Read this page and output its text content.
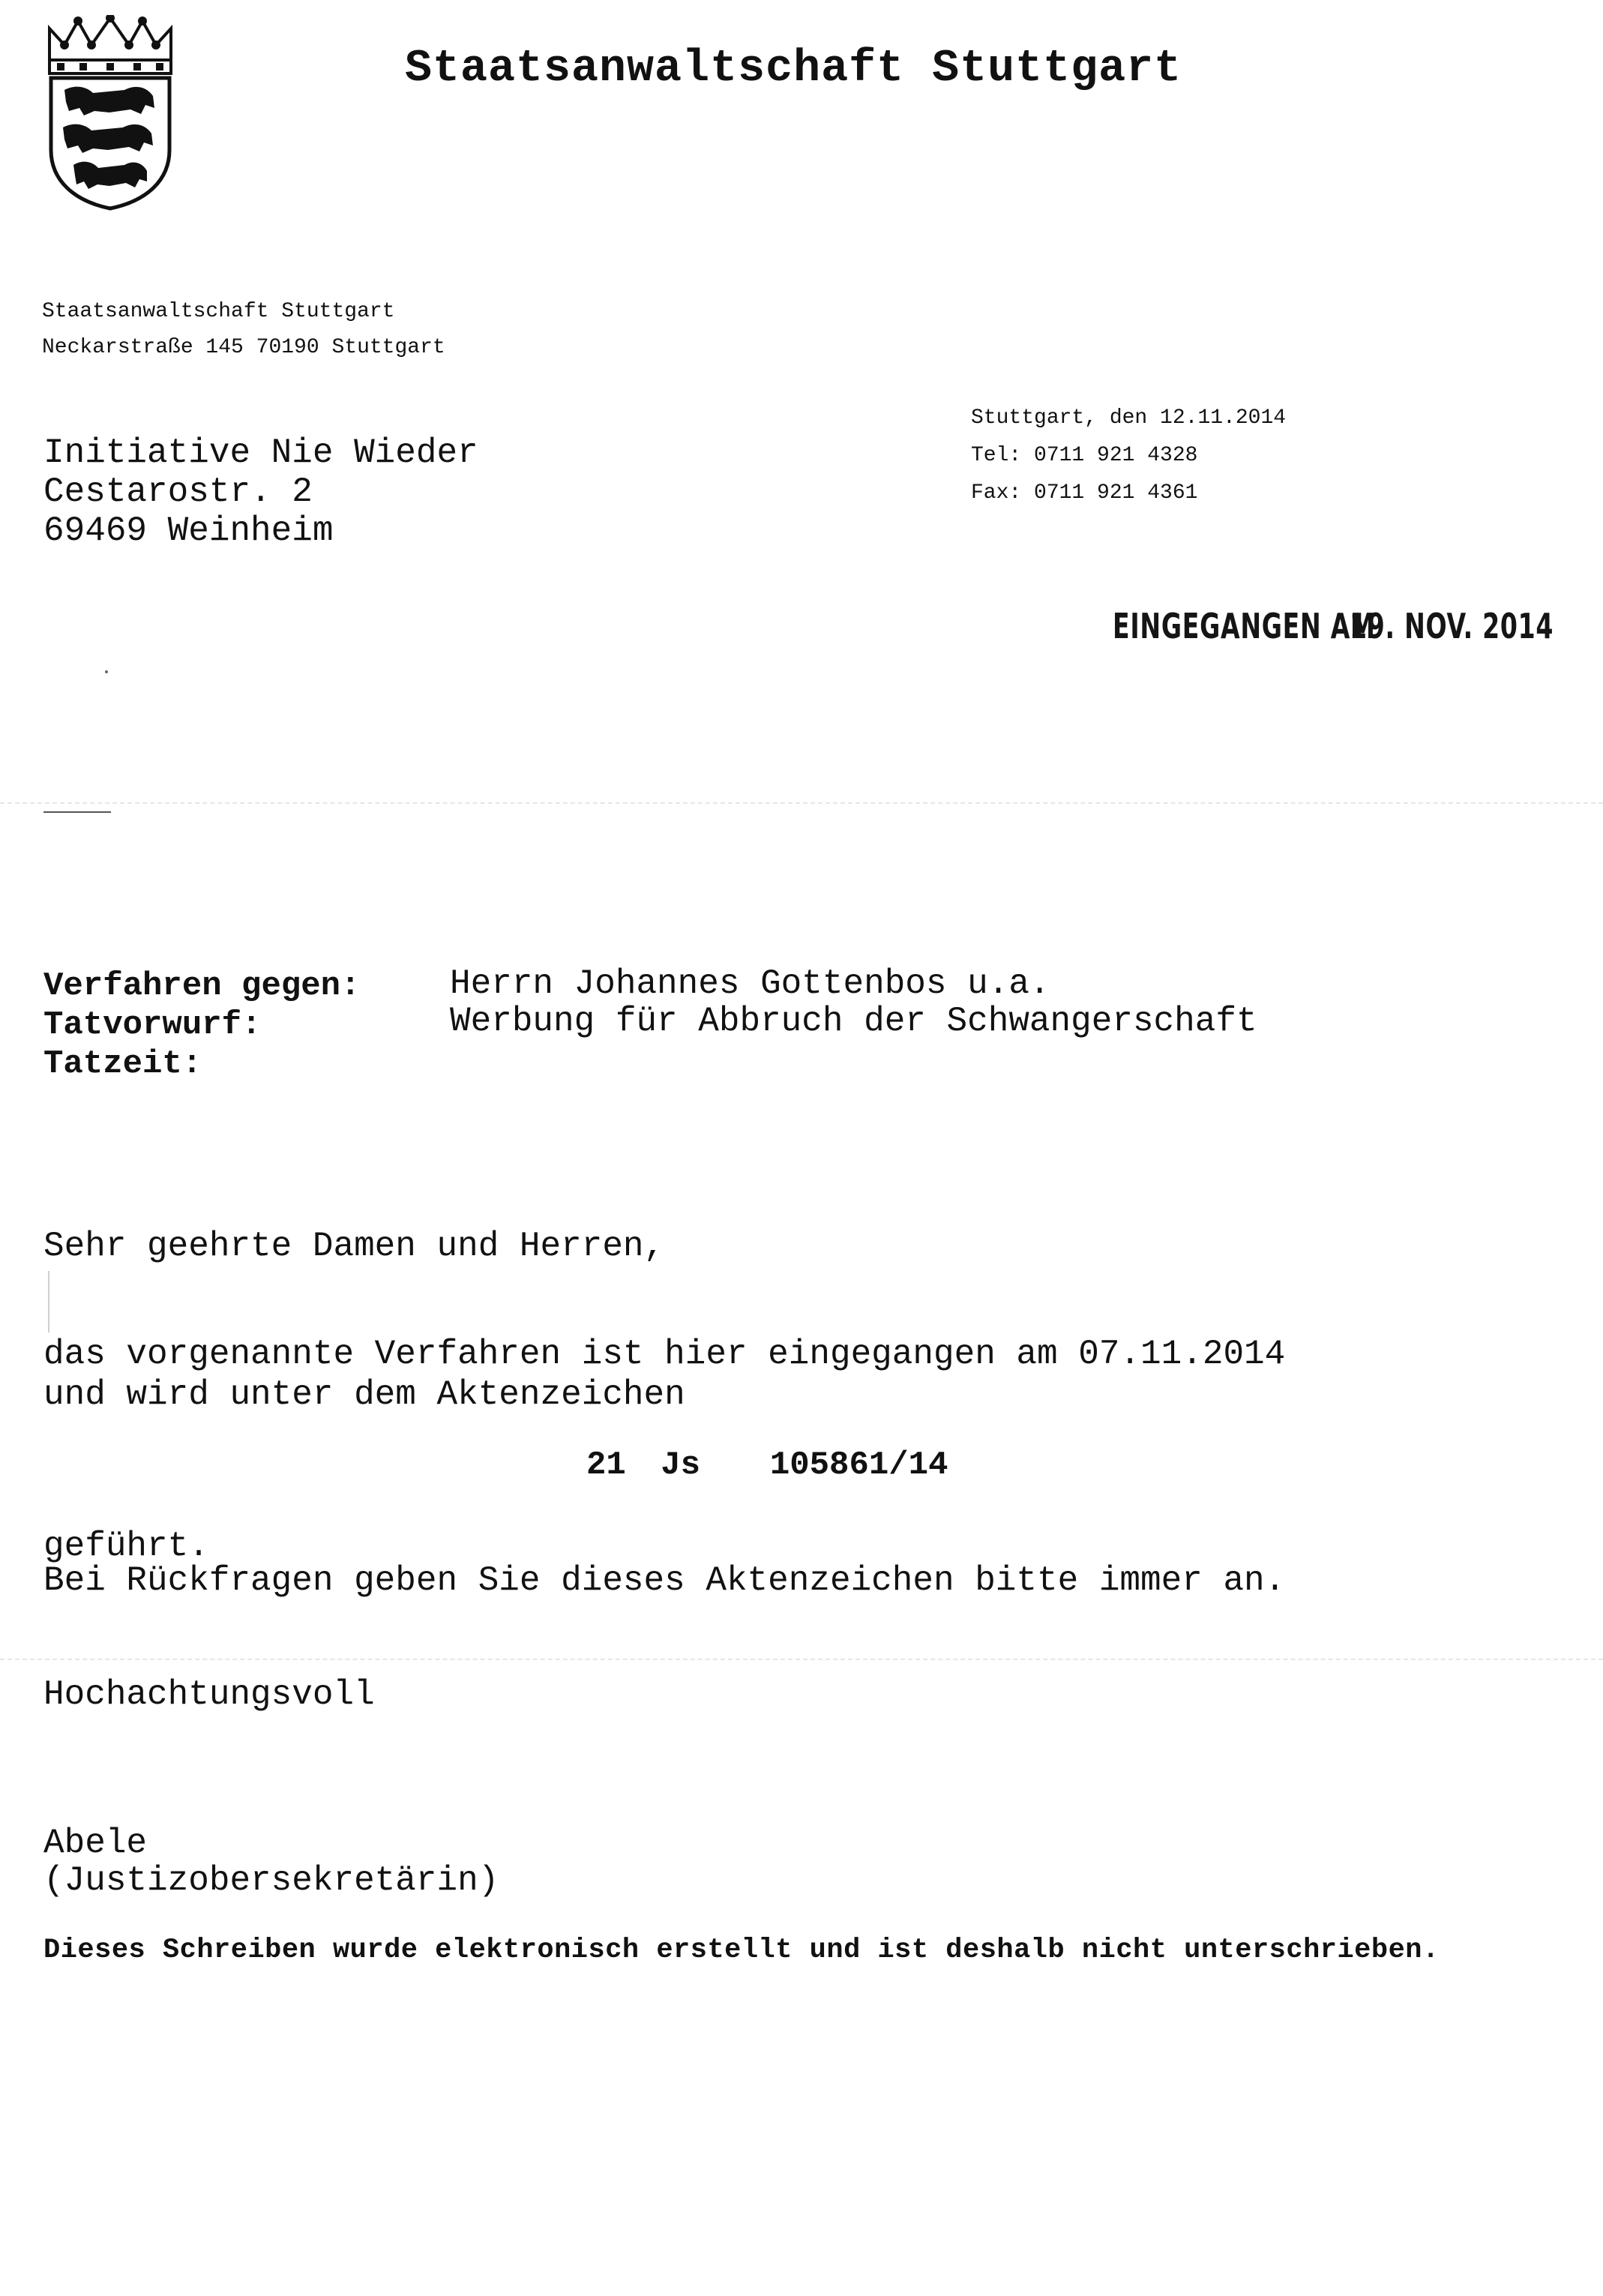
Staatsanwaltschaft Stuttgart
Staatsanwaltschaft Stuttgart
Neckarstraße 145 70190 Stuttgart
Initiative Nie Wieder
Cestarostr. 2
69469 Weinheim
Stuttgart, den 12.11.2014
Tel: 0711 921 4328
Fax: 0711 921 4361
EINGEGANGEN AM
19. NOV. 2014
Verfahren gegen:	Herrn Johannes Gottenbos u.a.
Tatvorwurf:	Werbung für Abbruch der Schwangerschaft
Tatzeit:
Sehr geehrte Damen und Herren,
das vorgenannte Verfahren ist hier eingegangen am 07.11.2014
und wird unter dem Aktenzeichen
21 Js  105861/14
geführt.
Bei Rückfragen geben Sie dieses Aktenzeichen bitte immer an.
Hochachtungsvoll
Abele
(Justizobersekretärin)
Dieses Schreiben wurde elektronisch erstellt und ist deshalb nicht unterschrieben.
